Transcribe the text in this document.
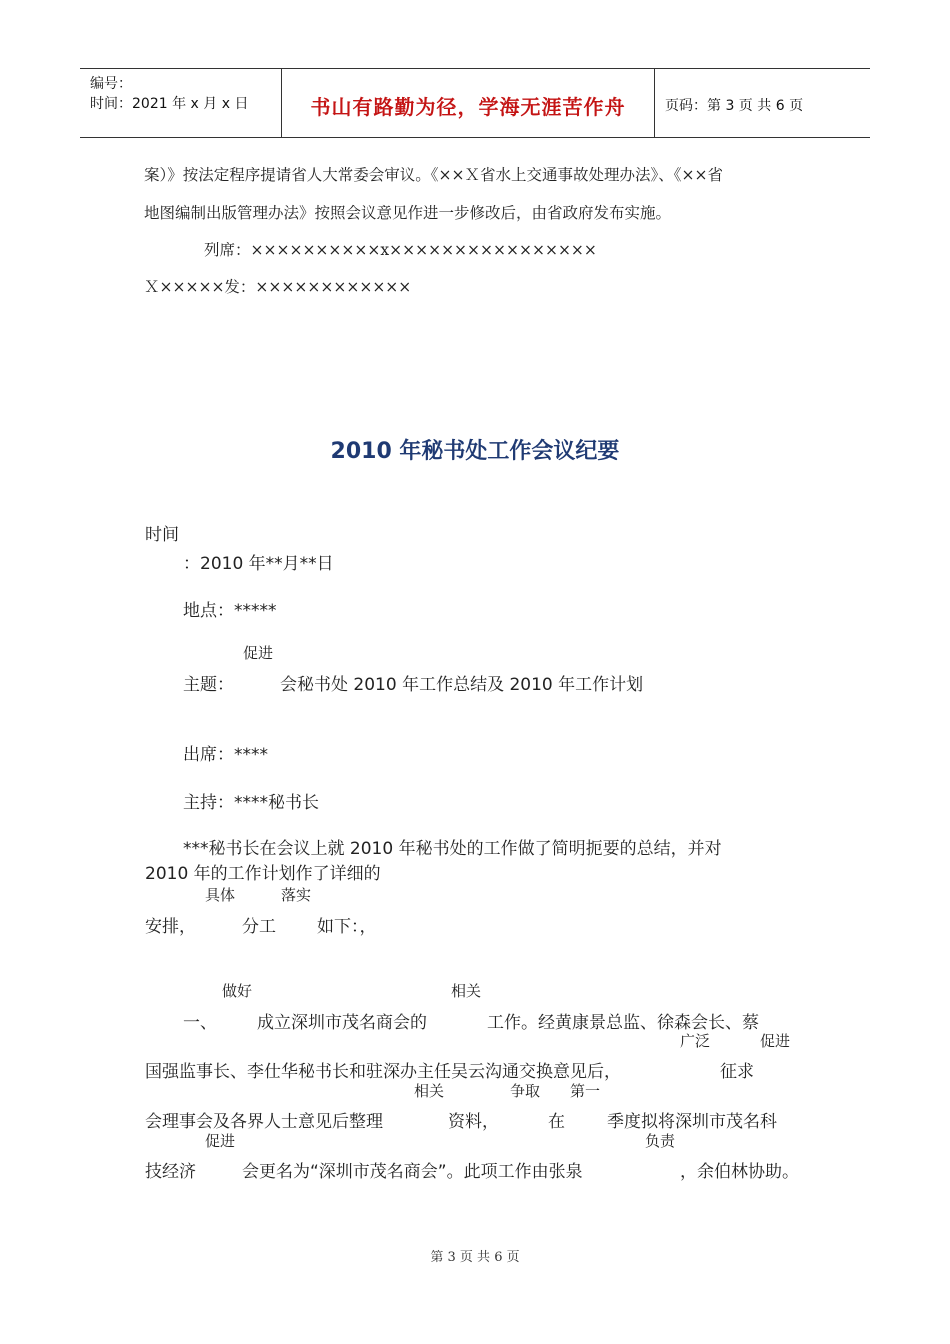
编号：
时间：2021 年 x 月 x 日	书山有路勤为径，学海无涯苦作舟	页码：第 3 页 共 6 页
案）》按法定程序提请省人大常委会审议。《××Ｘ省水上交通事故处理办法》、《××省
地图编制出版管理办法》按照会议意见作进一步修改后，由省政府发布实施。
列席：××××××××××x××××××××××××××××
Ｘ×××××发：××××××××××××
2010 年秘书处工作会议纪要
时间
：2010 年**月**日
地点：*****
促进
主题：	会秘书处 2010 年工作总结及 2010 年工作计划
出席：****
主持：****秘书长
***秘书长在会议上就 2010 年秘书处的工作做了简明扼要的总结，并对
2010 年的工作计划作了详细的
具体	落实
安排，	分工 如下：，
做好	相关
一、 成立深圳市茂名商会的	工作。经黄康景总监、徐森会长、蔡
广泛	促进
国强监事长、李仕华秘书长和驻深办主任吴云沟通交换意见后，	征求
相关	争取 第一
会理事会及各界人士意见后整理	资料，	在 季度拟将深圳市茂名科
促进	负责
技经济	会更名为“深圳市茂名商会”。此项工作由张泉	，余伯林协助。
第 3 页 共 6 页
